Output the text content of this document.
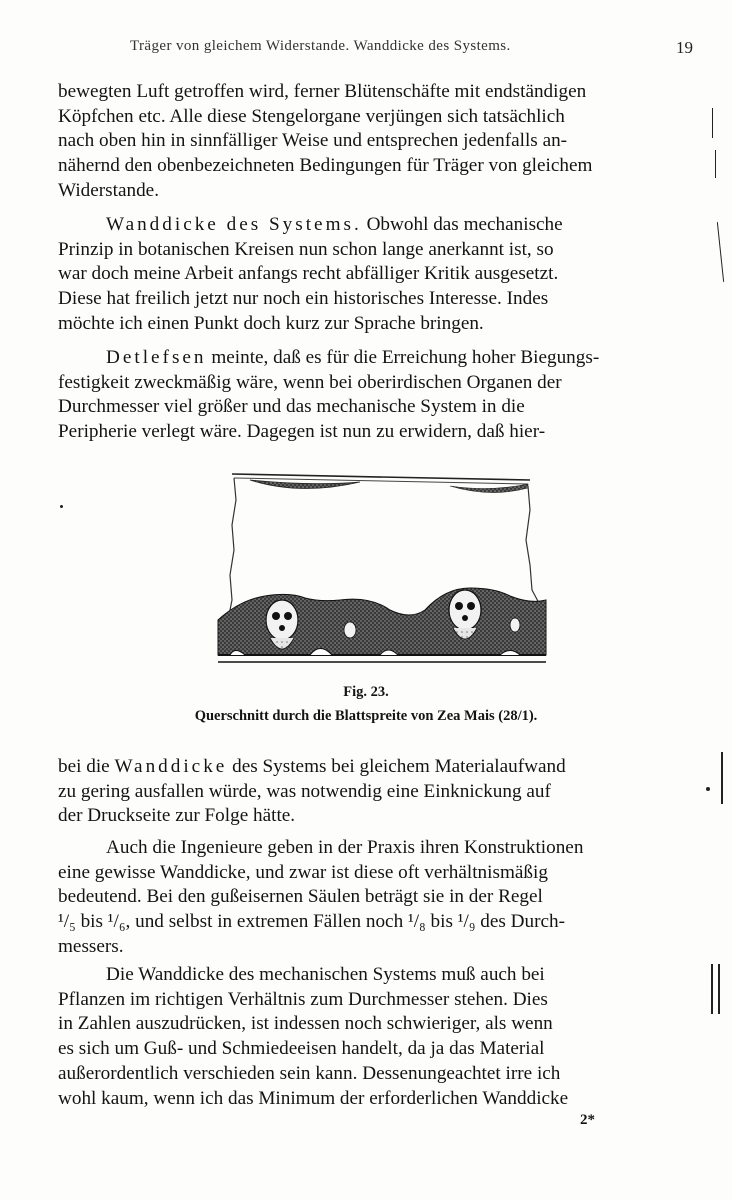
Träger von gleichem Widerstande. Wanddicke des Systems.	19
bewegten Luft getroffen wird, ferner Blütenschäfte mit endständigen
Köpfchen etc. Alle diese Stengelorgane verjüngen sich tatsächlich
nach oben hin in sinnfälliger Weise und entsprechen jedenfalls an-
nähernd den obenbezeichneten Bedingungen für Träger von gleichem
Widerstande.
Wanddicke des Systems. Obwohl das mechanische
Prinzip in botanischen Kreisen nun schon lange anerkannt ist, so
war doch meine Arbeit anfangs recht abfälliger Kritik ausgesetzt.
Diese hat freilich jetzt nur noch ein historisches Interesse. Indes
möchte ich einen Punkt doch kurz zur Sprache bringen.
Detlefsen meinte, daß es für die Erreichung hoher Biegungs-
festigkeit zweckmäßig wäre, wenn bei oberirdischen Organen der
Durchmesser viel größer und das mechanische System in die
Peripherie verlegt wäre. Dagegen ist nun zu erwidern, daß hier-
Fig. 23.
Querschnitt durch die Blattspreite von Zea Mais (28/1).
bei die Wanddicke des Systems bei gleichem Materialaufwand
zu gering ausfallen würde, was notwendig eine Einknickung auf
der Druckseite zur Folge hätte.
Auch die Ingenieure geben in der Praxis ihren Konstruktionen
eine gewisse Wanddicke, und zwar ist diese oft verhältnismäßig
bedeutend. Bei den gußeisernen Säulen beträgt sie in der Regel
¹/₅ bis ¹/₆, und selbst in extremen Fällen noch ¹/₈ bis ¹/₉ des Durch-
messers.
Die Wanddicke des mechanischen Systems muß auch bei
Pflanzen im richtigen Verhältnis zum Durchmesser stehen. Dies
in Zahlen auszudrücken, ist indessen noch schwieriger, als wenn
es sich um Guß- und Schmiedeeisen handelt, da ja das Material
außerordentlich verschieden sein kann. Dessenungeachtet irre ich
wohl kaum, wenn ich das Minimum der erforderlichen Wanddicke
2*
